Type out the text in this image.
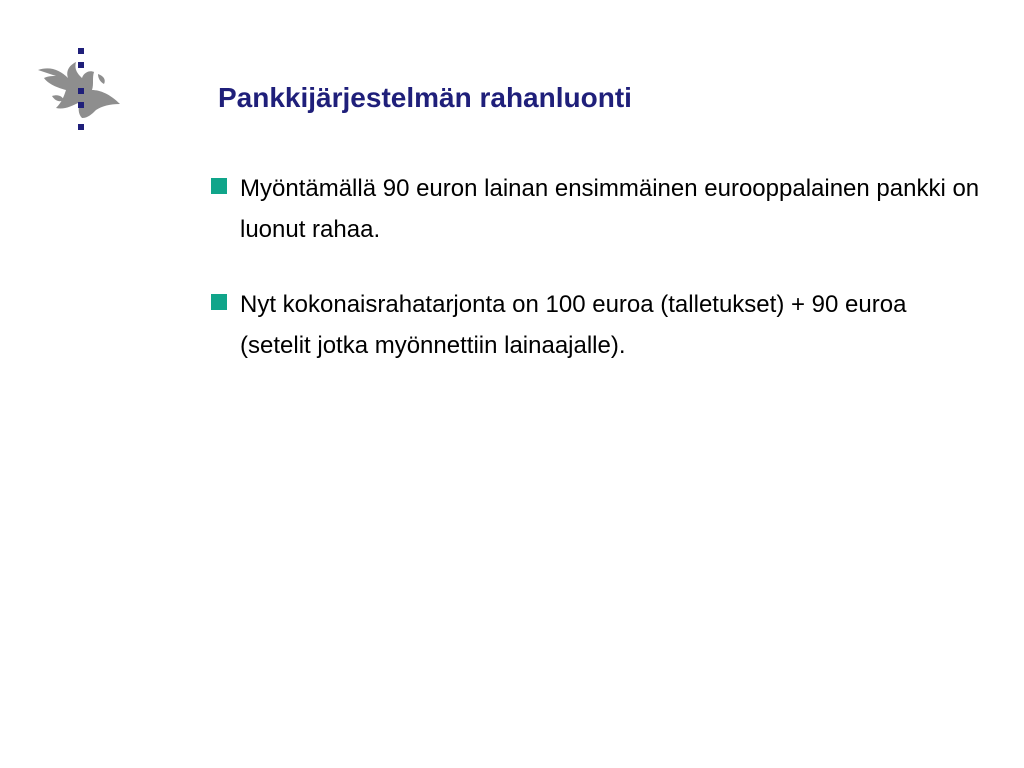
Pankkijärjestelmän rahanluonti
Myöntämällä 90 euron lainan ensimmäinen eurooppalainen pankki on luonut rahaa.
Nyt kokonaisrahatarjonta on 100 euroa (talletukset) + 90 euroa (setelit jotka myönnettiin lainaajalle).
